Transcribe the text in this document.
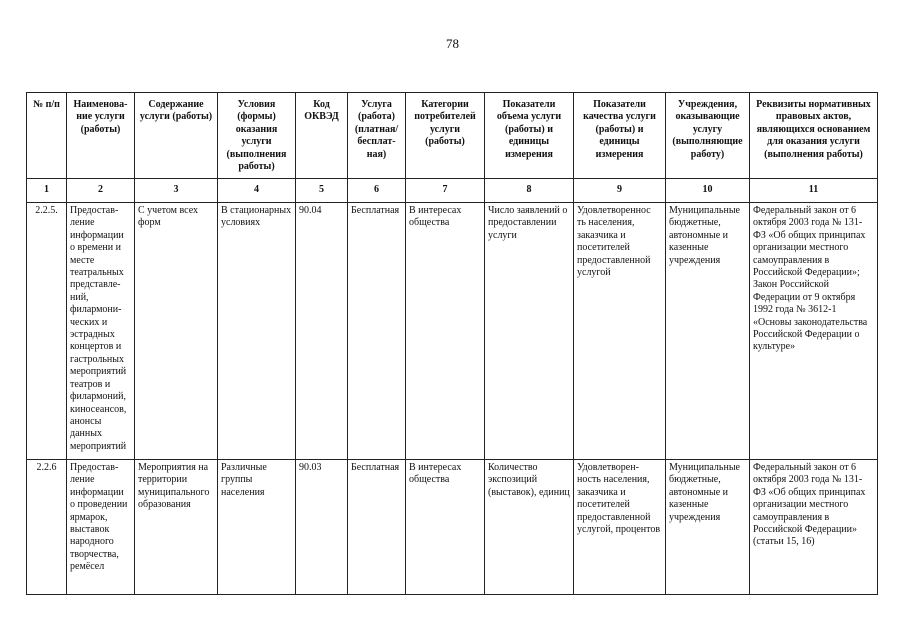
78
№ п/п	Наименова-ние услуги (работы)	Содержание услуги (работы)	Условия (формы) оказания услуги (выполнения работы)	Код ОКВЭД	Услуга (работа) (платная/ бесплат-ная)	Категории потребителей услуги (работы)	Показатели объема услуги (работы) и единицы измерения	Показатели качества услуги (работы) и единицы измерения	Учреждения, оказывающие услугу (выполняющие работу)	Реквизиты нормативных правовых актов, являющихся основанием для оказания услуги (выполнения работы)
1	2	3	4	5	6	7	8	9	10	11
2.2.5.	Предостав-ление информации о времени и месте театральных представле-ний, филармони-ческих и эстрадных концертов и гастрольных мероприятий театров и филармоний, киносеансов, анонсы данных мероприятий	С учетом всех форм	В стационарных условиях	90.04	Бесплатная	В интересах общества	Число заявлений о предоставлении услуги	Удовлетвореннос ть населения, заказчика и посетителей предоставленной услугой	Муниципальные бюджетные, автономные и казенные учреждения	Федеральный закон от 6 октября 2003 года № 131-ФЗ «Об общих принципах организации местного самоуправления в Российской Федерации»; Закон Российской Федерации от 9 октября 1992 года № 3612-1 «Основы законодательства Российской Федерации о культуре»
2.2.6	Предостав-ление информации о проведении ярмарок, выставок народного творчества, ремёсел	Мероприятия на территории муниципального образования	Различные группы населения	90.03	Бесплатная	В интересах общества	Количество экспозиций (выставок), единиц	Удовлетворен-ность населения, заказчика и посетителей предоставленной услугой, процентов	Муниципальные бюджетные, автономные и казенные учреждения	Федеральный закон от 6 октября 2003 года № 131-ФЗ «Об общих принципах организации местного самоуправления в Российской Федерации» (статьи 15, 16)
